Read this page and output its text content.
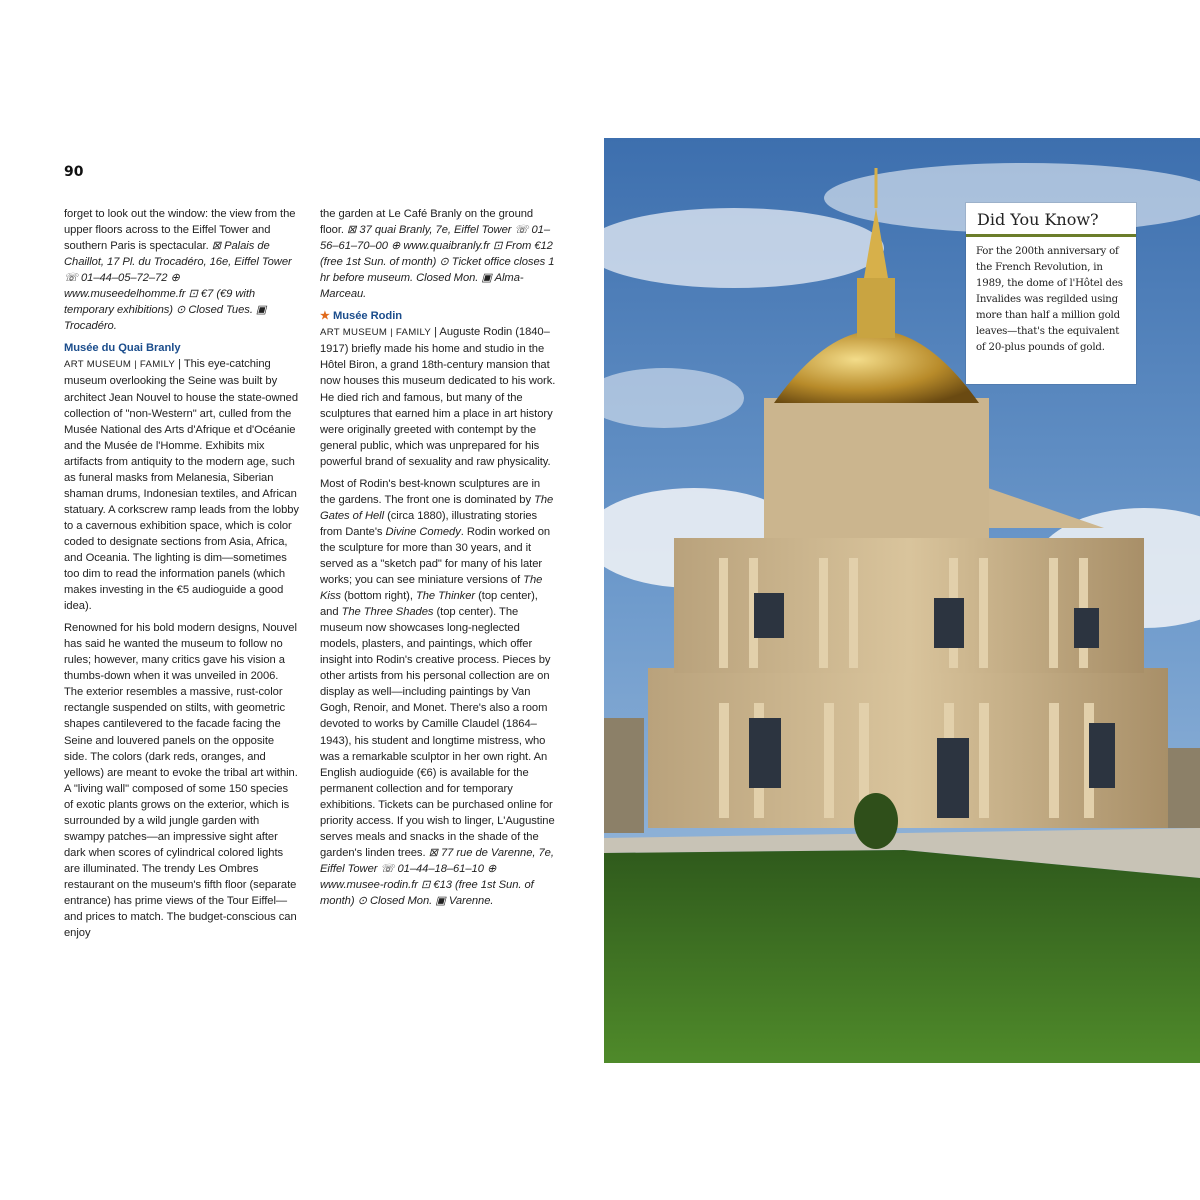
90

forget to look out the window: the view from the upper floors across to the Eiffel Tower and southern Paris is spectacular. ⊠ Palais de Chaillot, 17 Pl. du Trocadéro, 16e, Eiffel Tower ☏ 01–44–05–72–72 ⊕ www.museedelhomme.fr ⊡ €7 (€9 with temporary exhibitions) ⊙ Closed Tues. ▣ Trocadéro.

Musée du Quai Branly

ART MUSEUM | FAMILY | This eye-catching museum overlooking the Seine was built by architect Jean Nouvel to house the state-owned collection of "non-Western" art, culled from the Musée National des Arts d'Afrique et d'Océanie and the Musée de l'Homme. Exhibits mix artifacts from antiquity to the modern age, such as funeral masks from Melanesia, Siberian shaman drums, Indonesian textiles, and African statuary. A corkscrew ramp leads from the lobby to a cavernous exhibition space, which is color coded to designate sections from Asia, Africa, and Oceania. The lighting is dim—sometimes too dim to read the information panels (which makes investing in the €5 audioguide a good idea).

Renowned for his bold modern designs, Nouvel has said he wanted the museum to follow no rules; however, many critics gave his vision a thumbs-down when it was unveiled in 2006. The exterior resembles a massive, rust-color rectangle suspended on stilts, with geometric shapes cantilevered to the facade facing the Seine and louvered panels on the opposite side. The colors (dark reds, oranges, and yellows) are meant to evoke the tribal art within. A "living wall" composed of some 150 species of exotic plants grows on the exterior, which is surrounded by a wild jungle garden with swampy patches—an impressive sight after dark when scores of cylindrical colored lights are illuminated. The trendy Les Ombres restaurant on the museum's fifth floor (separate entrance) has prime views of the Tour Eiffel—and prices to match. The budget-conscious can enjoy

the garden at Le Café Branly on the ground floor. ⊠ 37 quai Branly, 7e, Eiffel Tower ☏ 01–56–61–70–00 ⊕ www.quaibranly.fr ⊡ From €12 (free 1st Sun. of month) ⊙ Ticket office closes 1 hr before museum. Closed Mon. ▣ Alma-Marceau.

★ Musée Rodin

ART MUSEUM | FAMILY | Auguste Rodin (1840–1917) briefly made his home and studio in the Hôtel Biron, a grand 18th-century mansion that now houses this museum dedicated to his work. He died rich and famous, but many of the sculptures that earned him a place in art history were originally greeted with contempt by the general public, which was unprepared for his powerful brand of sexuality and raw physicality.

Most of Rodin's best-known sculptures are in the gardens. The front one is dominated by The Gates of Hell (circa 1880), illustrating stories from Dante's Divine Comedy. Rodin worked on the sculpture for more than 30 years, and it served as a "sketch pad" for many of his later works; you can see miniature versions of The Kiss (bottom right), The Thinker (top center), and The Three Shades (top center). The museum now showcases long-neglected models, plasters, and paintings, which offer insight into Rodin's creative process. Pieces by other artists from his personal collection are on display as well—including paintings by Van Gogh, Renoir, and Monet. There's also a room devoted to works by Camille Claudel (1864–1943), his student and longtime mistress, who was a remarkable sculptor in her own right. An English audioguide (€6) is available for the permanent collection and for temporary exhibitions. Tickets can be purchased online for priority access. If you wish to linger, L'Augustine serves meals and snacks in the shade of the garden's linden trees. ⊠ 77 rue de Varenne, 7e, Eiffel Tower ☏ 01–44–18–61–10 ⊕ www.musee-rodin.fr ⊡ €13 (free 1st Sun. of month) ⊙ Closed Mon. ▣ Varenne.

Did You Know?

For the 200th anniversary of the French Revolution, in 1989, the dome of l'Hôtel des Invalides was regilded using more than half a million gold leaves—that's the equivalent of 20-plus pounds of gold.
